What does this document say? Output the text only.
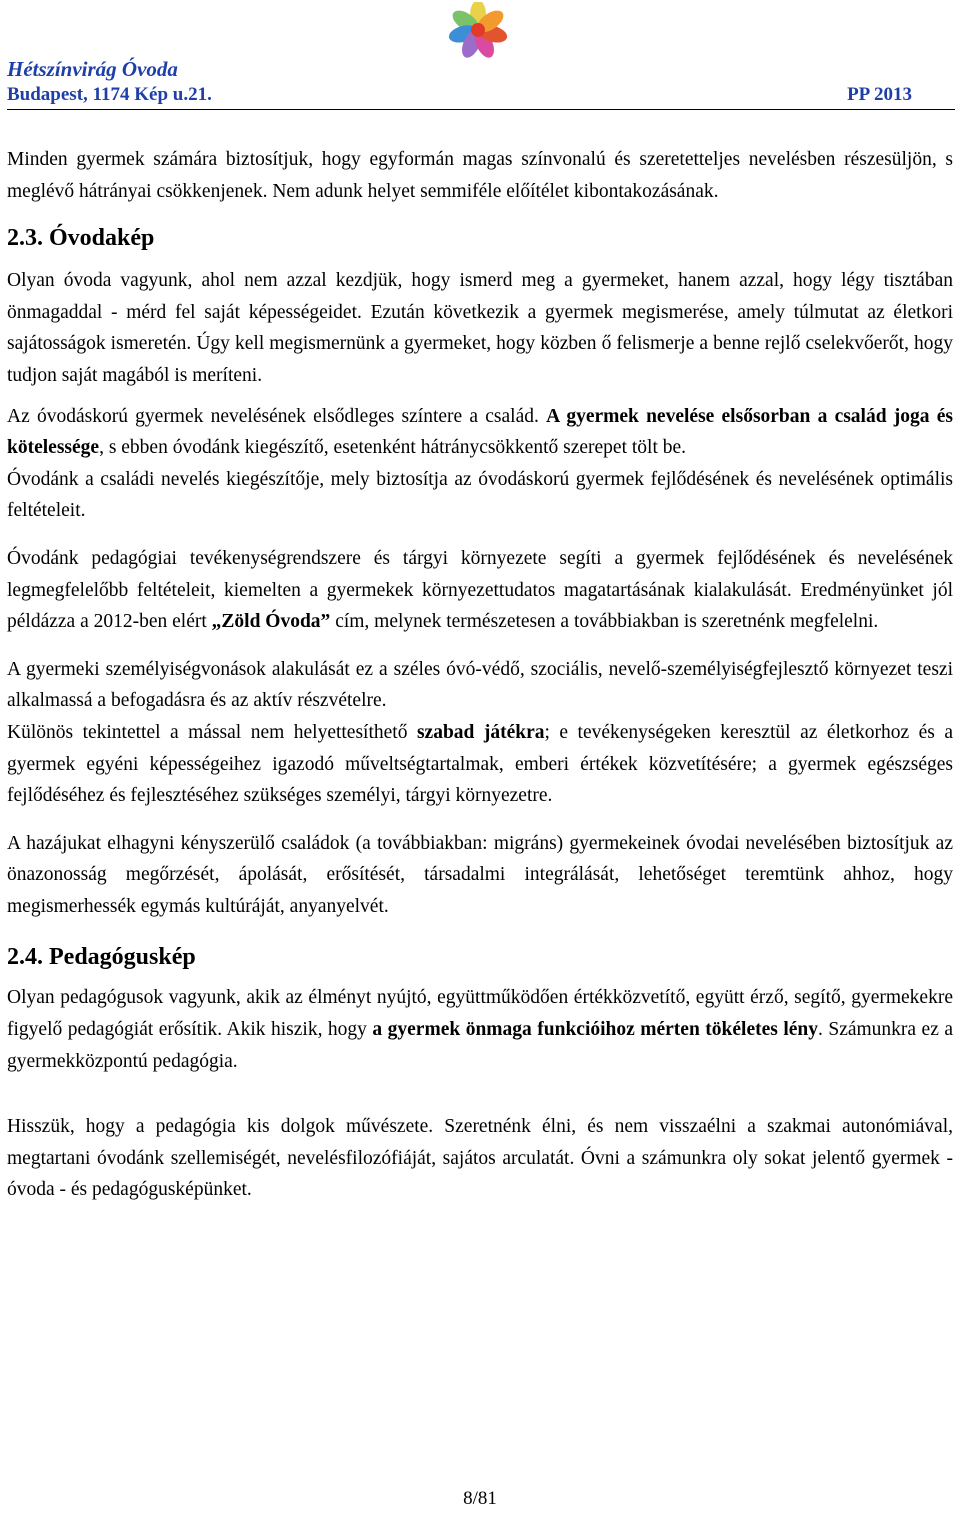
Hétszínvirág Óvoda
Budapest, 1174 Kép u.21.	PP 2013

Minden gyermek számára biztosítjuk, hogy egyformán magas színvonalú és szeretetteljes nevelésben részesüljön, s meglévő hátrányai csökkenjenek. Nem adunk helyet semmiféle előítélet kibontakozásának.

2.3. Óvodakép

Olyan óvoda vagyunk, ahol nem azzal kezdjük, hogy ismerd meg a gyermeket, hanem azzal, hogy légy tisztában önmagaddal - mérd fel saját képességeidet. Ezután következik a gyermek megismerése, amely túlmutat az életkori sajátosságok ismeretén. Úgy kell megismernünk a gyermeket, hogy közben ő felismerje a benne rejlő cselekvőerőt, hogy tudjon saját magából is meríteni.

Az óvodáskorú gyermek nevelésének elsődleges színtere a család. A gyermek nevelése elsősorban a család joga és kötelessége, s ebben óvodánk kiegészítő, esetenként hátránycsökkentő szerepet tölt be.

Óvodánk a családi nevelés kiegészítője, mely biztosítja az óvodáskorú gyermek fejlődésének és nevelésének optimális feltételeit.

Óvodánk pedagógiai tevékenységrendszere és tárgyi környezete segíti a gyermek fejlődésének és nevelésének legmegfelelőbb feltételeit, kiemelten a gyermekek környezettudatos magatartásának kialakulását. Eredményünket jól példázza a 2012-ben elért „Zöld Óvoda” cím, melynek természetesen a továbbiakban is szeretnénk megfelelni.

A gyermeki személyiségvonások alakulását ez a széles óvó-védő, szociális, nevelő-személyiségfejlesztő környezet teszi alkalmassá a befogadásra és az aktív részvételre.

Különös tekintettel a mással nem helyettesíthető szabad játékra; e tevékenységeken keresztül az életkorhoz és a gyermek egyéni képességeihez igazodó műveltségtartalmak, emberi értékek közvetítésére; a gyermek egészséges fejlődéséhez és fejlesztéséhez szükséges személyi, tárgyi környezetre.

A hazájukat elhagyni kényszerülő családok (a továbbiakban: migráns) gyermekeinek óvodai nevelésében biztosítjuk az önazonosság megőrzését, ápolását, erősítését, társadalmi integrálását, lehetőséget teremtünk ahhoz, hogy megismerhessék egymás kultúráját, anyanyelvét.

2.4. Pedagóguskép

Olyan pedagógusok vagyunk, akik az élményt nyújtó, együttműködően értékközvetítő, együtt érző, segítő, gyermekekre figyelő pedagógiát erősítik. Akik hiszik, hogy a gyermek önmaga funkcióihoz mérten tökéletes lény. Számunkra ez a gyermekközpontú pedagógia.

Hisszük, hogy a pedagógia kis dolgok művészete. Szeretnénk élni, és nem visszaélni a szakmai autonómiával, megtartani óvodánk szellemiségét, nevelésfilozófiáját, sajátos arculatát. Óvni a számunkra oly sokat jelentő gyermek - óvoda - és pedagógusképünket.

8/81
